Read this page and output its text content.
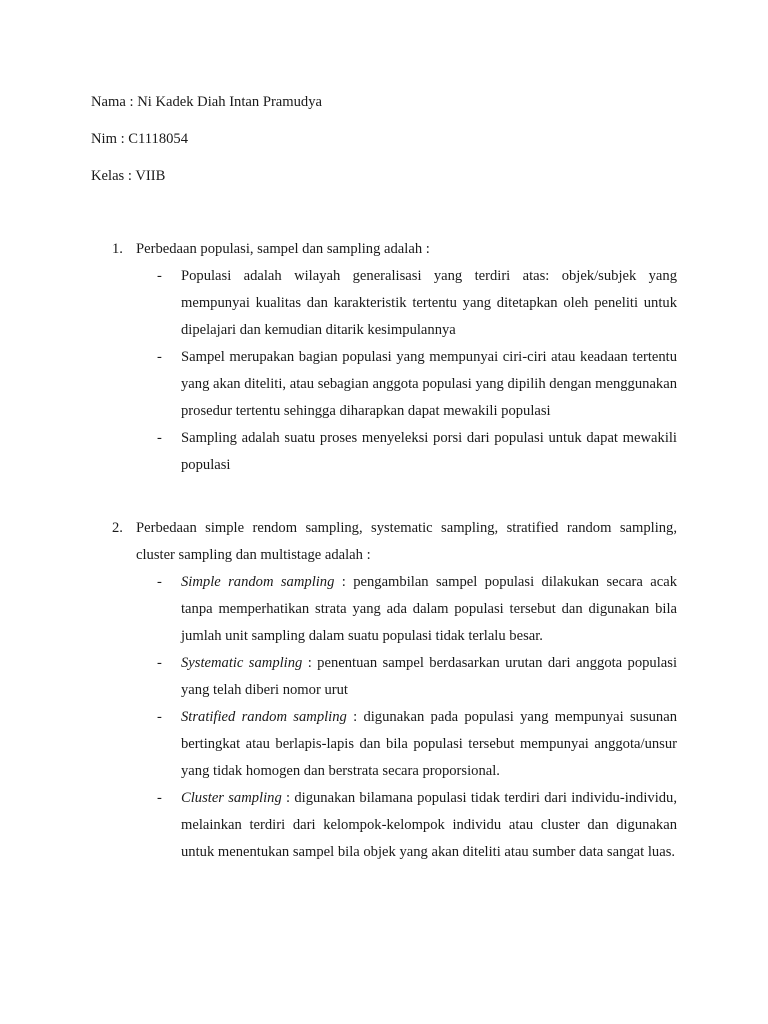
Nama : Ni Kadek Diah Intan Pramudya
Nim : C1118054
Kelas : VIIB
1. Perbedaan populasi, sampel dan sampling adalah :
- Populasi adalah wilayah generalisasi yang terdiri atas: objek/subjek yang mempunyai kualitas dan karakteristik tertentu yang ditetapkan oleh peneliti untuk dipelajari dan kemudian ditarik kesimpulannya
- Sampel merupakan bagian populasi yang mempunyai ciri-ciri atau keadaan tertentu yang akan diteliti, atau sebagian anggota populasi yang dipilih dengan menggunakan prosedur tertentu sehingga diharapkan dapat mewakili populasi
- Sampling adalah suatu proses menyeleksi porsi dari populasi untuk dapat mewakili populasi
2. Perbedaan simple rendom sampling, systematic sampling, stratified random sampling, cluster sampling dan multistage adalah :
- Simple random sampling : pengambilan sampel populasi dilakukan secara acak tanpa memperhatikan strata yang ada dalam populasi tersebut dan digunakan bila jumlah unit sampling dalam suatu populasi tidak terlalu besar.
- Systematic sampling : penentuan sampel berdasarkan urutan dari anggota populasi yang telah diberi nomor urut
- Stratified random sampling : digunakan pada populasi yang mempunyai susunan bertingkat atau berlapis-lapis dan bila populasi tersebut mempunyai anggota/unsur yang tidak homogen dan berstrata secara proporsional.
- Cluster sampling : digunakan bilamana populasi tidak terdiri dari individu-individu, melainkan terdiri dari kelompok-kelompok individu atau cluster dan digunakan untuk menentukan sampel bila objek yang akan diteliti atau sumber data sangat luas.
